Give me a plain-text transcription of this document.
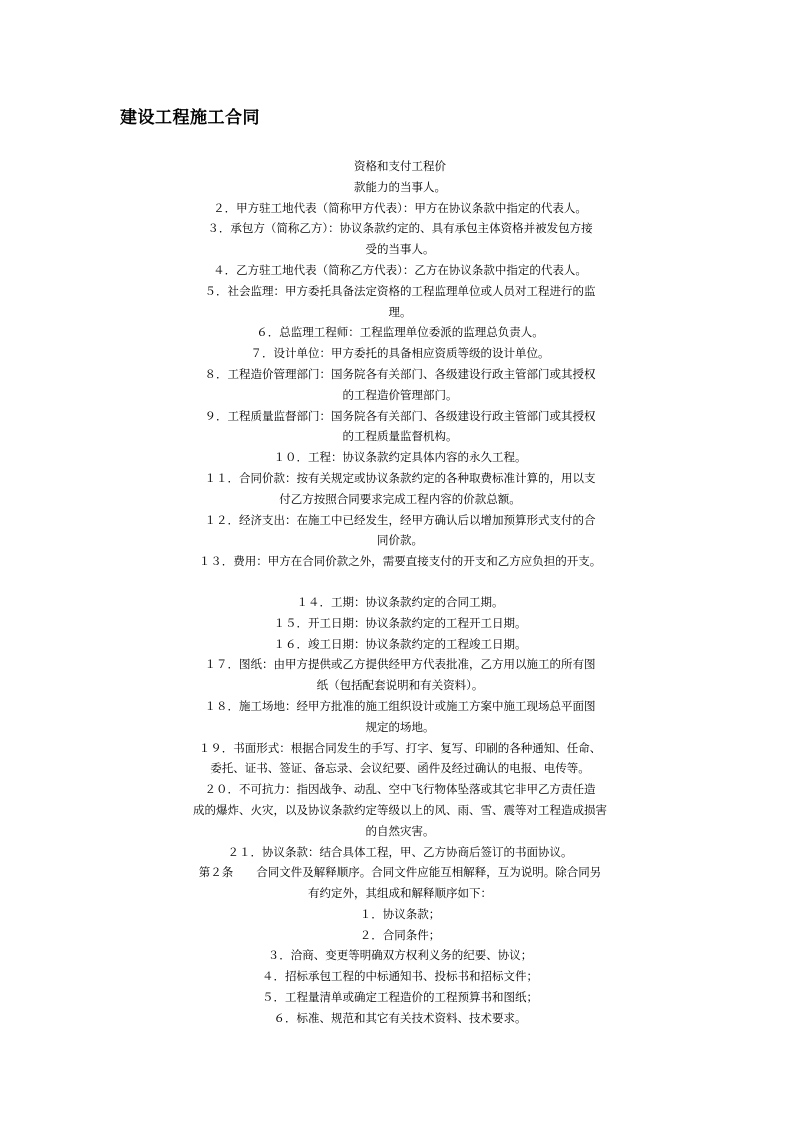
建设工程施工合同

资格和支付工程价

款能力的当事人。

２．甲方驻工地代表（简称甲方代表）：甲方在协议条款中指定的代表人。

３．承包方（简称乙方）：协议条款约定的、具有承包主体资格并被发包方接

受的当事人。

４．乙方驻工地代表（简称乙方代表）：乙方在协议条款中指定的代表人。

５．社会监理：甲方委托具备法定资格的工程监理单位或人员对工程进行的监

理。

６．总监理工程师：工程监理单位委派的监理总负责人。

７．设计单位：甲方委托的具备相应资质等级的设计单位。

８．工程造价管理部门：国务院各有关部门、各级建设行政主管部门或其授权

的工程造价管理部门。

９．工程质量监督部门：国务院各有关部门、各级建设行政主管部门或其授权

的工程质量监督机构。

１０．工程：协议条款约定具体内容的永久工程。

１１．合同价款：按有关规定或协议条款约定的各种取费标准计算的，用以支

付乙方按照合同要求完成工程内容的价款总额。

１２．经济支出：在施工中已经发生，经甲方确认后以增加预算形式支付的合

同价款。

１３．费用：甲方在合同价款之外，需要直接支付的开支和乙方应负担的开支。

１４．工期：协议条款约定的合同工期。

１５．开工日期：协议条款约定的工程开工日期。

１６．竣工日期：协议条款约定的工程竣工日期。

１７．图纸：由甲方提供或乙方提供经甲方代表批准，乙方用以施工的所有图

纸（包括配套说明和有关资料）。

１８．施工场地：经甲方批准的施工组织设计或施工方案中施工现场总平面图

规定的场地。

１９．书面形式：根据合同发生的手写、打字、复写、印刷的各种通知、任命、

委托、证书、签证、备忘录、会议纪要、函件及经过确认的电报、电传等。

２０．不可抗力：指因战争、动乱、空中飞行物体坠落或其它非甲乙方责任造

成的爆炸、火灾，以及协议条款约定等级以上的风、雨、雪、震等对工程造成损害

的自然灾害。

２１．协议条款：结合具体工程，甲、乙方协商后签订的书面协议。

第２条　　合同文件及解释顺序。合同文件应能互相解释，互为说明。除合同另

有约定外，其组成和解释顺序如下：

１．协议条款；

２．合同条件；

３．洽商、变更等明确双方权利义务的纪要、协议；

４．招标承包工程的中标通知书、投标书和招标文件；

５．工程量清单或确定工程造价的工程预算书和图纸；

６．标准、规范和其它有关技术资料、技术要求。
